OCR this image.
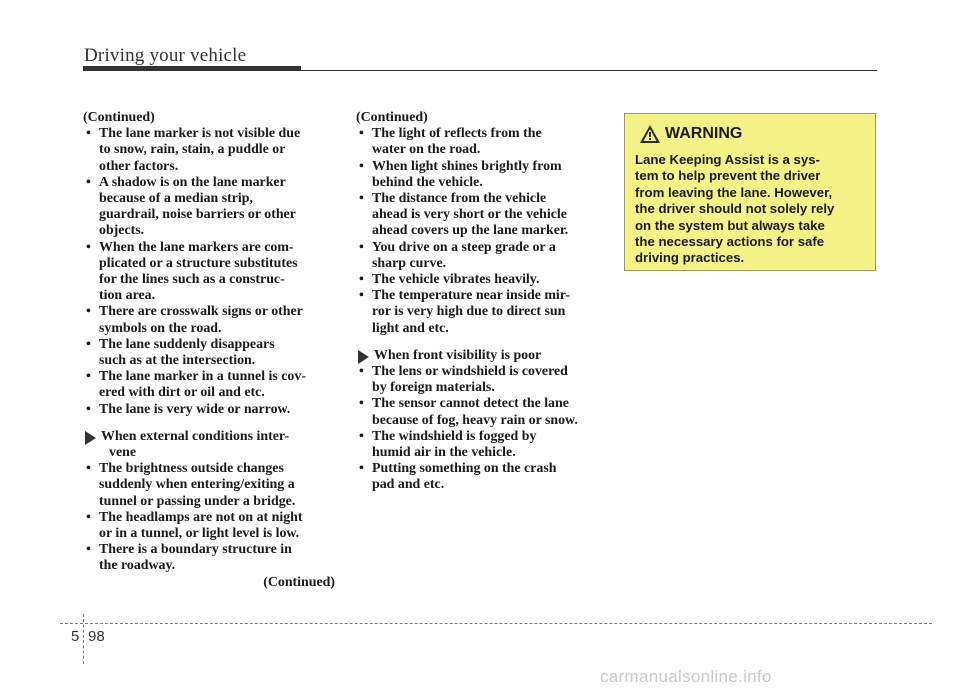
Driving your vehicle
(Continued)
• The lane marker is not visible due
to snow, rain, stain, a puddle or
other factors.
• A shadow is on the lane marker
because of a median strip,
guardrail, noise barriers or other
objects.
• When the lane markers are com-
plicated or a structure substitutes
for the lines such as a construc-
tion area.
• There are crosswalk signs or other
symbols on the road.
• The lane suddenly disappears
such as at the intersection.
• The lane marker in a tunnel is cov-
ered with dirt or oil and etc.
• The lane is very wide or narrow.
When external conditions inter-
vene
• The brightness outside changes
suddenly when entering/exiting a
tunnel or passing under a bridge.
• The headlamps are not on at night
or in a tunnel, or light level is low.
• There is a boundary structure in
the roadway.
(Continued)
(Continued)
• The light of reflects from the
water on the road.
• When light shines brightly from
behind the vehicle.
• The distance from the vehicle
ahead is very short or the vehicle
ahead covers up the lane marker.
• You drive on a steep grade or a
sharp curve.
• The vehicle vibrates heavily.
• The temperature near inside mir-
ror is very high due to direct sun
light and etc.
When front visibility is poor
• The lens or windshield is covered
by foreign materials.
• The sensor cannot detect the lane
because of fog, heavy rain or snow.
• The windshield is fogged by
humid air in the vehicle.
• Putting something on the crash
pad and etc.
WARNING
Lane Keeping Assist is a sys-
tem to help prevent the driver
from leaving the lane. However,
the driver should not solely rely
on the system but always take
the necessary actions for safe
driving practices.
5 98
carmanualsonline.info
